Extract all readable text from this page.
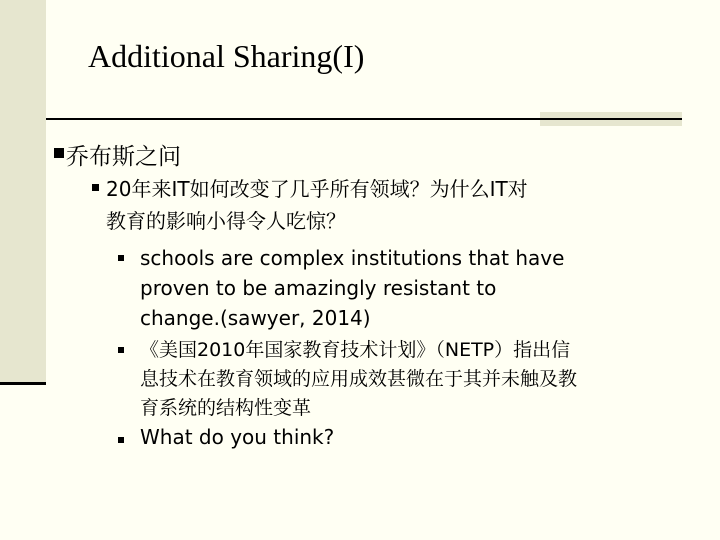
Additional Sharing(I)
乔布斯之问
20年来IT如何改变了几乎所有领域？为什么IT对
教育的影响小得令人吃惊？
schools are complex institutions that have
proven to be amazingly resistant to
change.(sawyer, 2014)
《美国2010年国家教育技术计划》（NETP）指出信
息技术在教育领域的应用成效甚微在于其并未触及教
育系统的结构性变革
What do you think?
